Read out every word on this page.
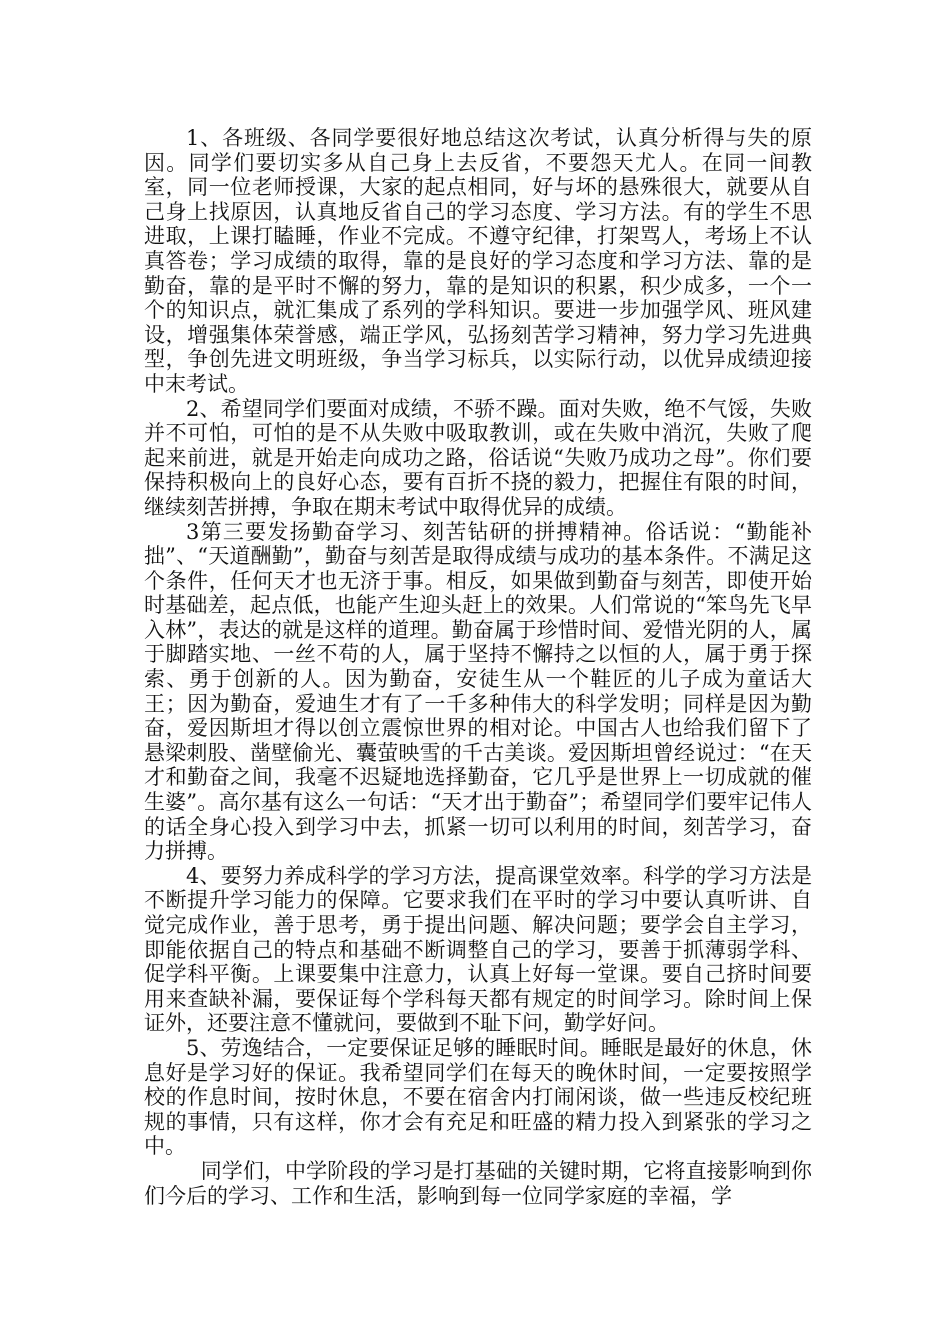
1、各班级、各同学要很好地总结这次考试，认真分析得与失的原因。同学们要切实多从自己身上去反省，不要怨天尤人。在同一间教室，同一位老师授课，大家的起点相同，好与坏的悬殊很大，就要从自己身上找原因，认真地反省自己的学习态度、学习方法。有的学生不思进取，上课打瞌睡，作业不完成。不遵守纪律，打架骂人，考场上不认真答卷；学习成绩的取得，靠的是良好的学习态度和学习方法、靠的是勤奋，靠的是平时不懈的努力，靠的是知识的积累，积少成多，一个一个的知识点，就汇集成了系列的学科知识。要进一步加强学风、班风建设，增强集体荣誉感，端正学风，弘扬刻苦学习精神，努力学习先进典型，争创先进文明班级，争当学习标兵，以实际行动，以优异成绩迎接中末考试。

2、希望同学们要面对成绩，不骄不躁。面对失败，绝不气馁，失败并不可怕，可怕的是不从失败中吸取教训，或在失败中消沉，失败了爬起来前进，就是开始走向成功之路，俗话说“失败乃成功之母”。你们要保持积极向上的良好心态，要有百折不挠的毅力，把握住有限的时间，继续刻苦拼搏，争取在期末考试中取得优异的成绩。

3第三要发扬勤奋学习、刻苦钻研的拼搏精神。俗话说：“勤能补拙”、“天道酬勤”，勤奋与刻苦是取得成绩与成功的基本条件。不满足这个条件，任何天才也无济于事。相反，如果做到勤奋与刻苦，即使开始时基础差，起点低，也能产生迎头赶上的效果。人们常说的“笨鸟先飞早入林”，表达的就是这样的道理。勤奋属于珍惜时间、爱惜光阴的人，属于脚踏实地、一丝不苟的人，属于坚持不懈持之以恒的人，属于勇于探索、勇于创新的人。因为勤奋，安徒生从一个鞋匠的儿子成为童话大王；因为勤奋，爱迪生才有了一千多种伟大的科学发明；同样是因为勤奋，爱因斯坦才得以创立震惊世界的相对论。中国古人也给我们留下了悬梁刺股、凿壁偷光、囊萤映雪的千古美谈。爱因斯坦曾经说过：“在天才和勤奋之间，我毫不迟疑地选择勤奋，它几乎是世界上一切成就的催生婆”。高尔基有这么一句话：“天才出于勤奋”；希望同学们要牢记伟人的话全身心投入到学习中去，抓紧一切可以利用的时间，刻苦学习，奋力拼搏。

4、要努力养成科学的学习方法，提高课堂效率。科学的学习方法是不断提升学习能力的保障。它要求我们在平时的学习中要认真听讲、自觉完成作业，善于思考，勇于提出问题、解决问题；要学会自主学习，即能依据自己的特点和基础不断调整自己的学习，要善于抓薄弱学科、促学科平衡。上课要集中注意力，认真上好每一堂课。要自己挤时间要用来查缺补漏，要保证每个学科每天都有规定的时间学习。除时间上保证外，还要注意不懂就问，要做到不耻下问，勤学好问。

5、劳逸结合，一定要保证足够的睡眠时间。睡眠是最好的休息，休息好是学习好的保证。我希望同学们在每天的晚休时间，一定要按照学校的作息时间，按时休息，不要在宿舍内打闹闲谈，做一些违反校纪班规的事情，只有这样，你才会有充足和旺盛的精力投入到紧张的学习之中。

同学们，中学阶段的学习是打基础的关键时期，它将直接影响到你们今后的学习、工作和生活，影响到每一位同学家庭的幸福，学
